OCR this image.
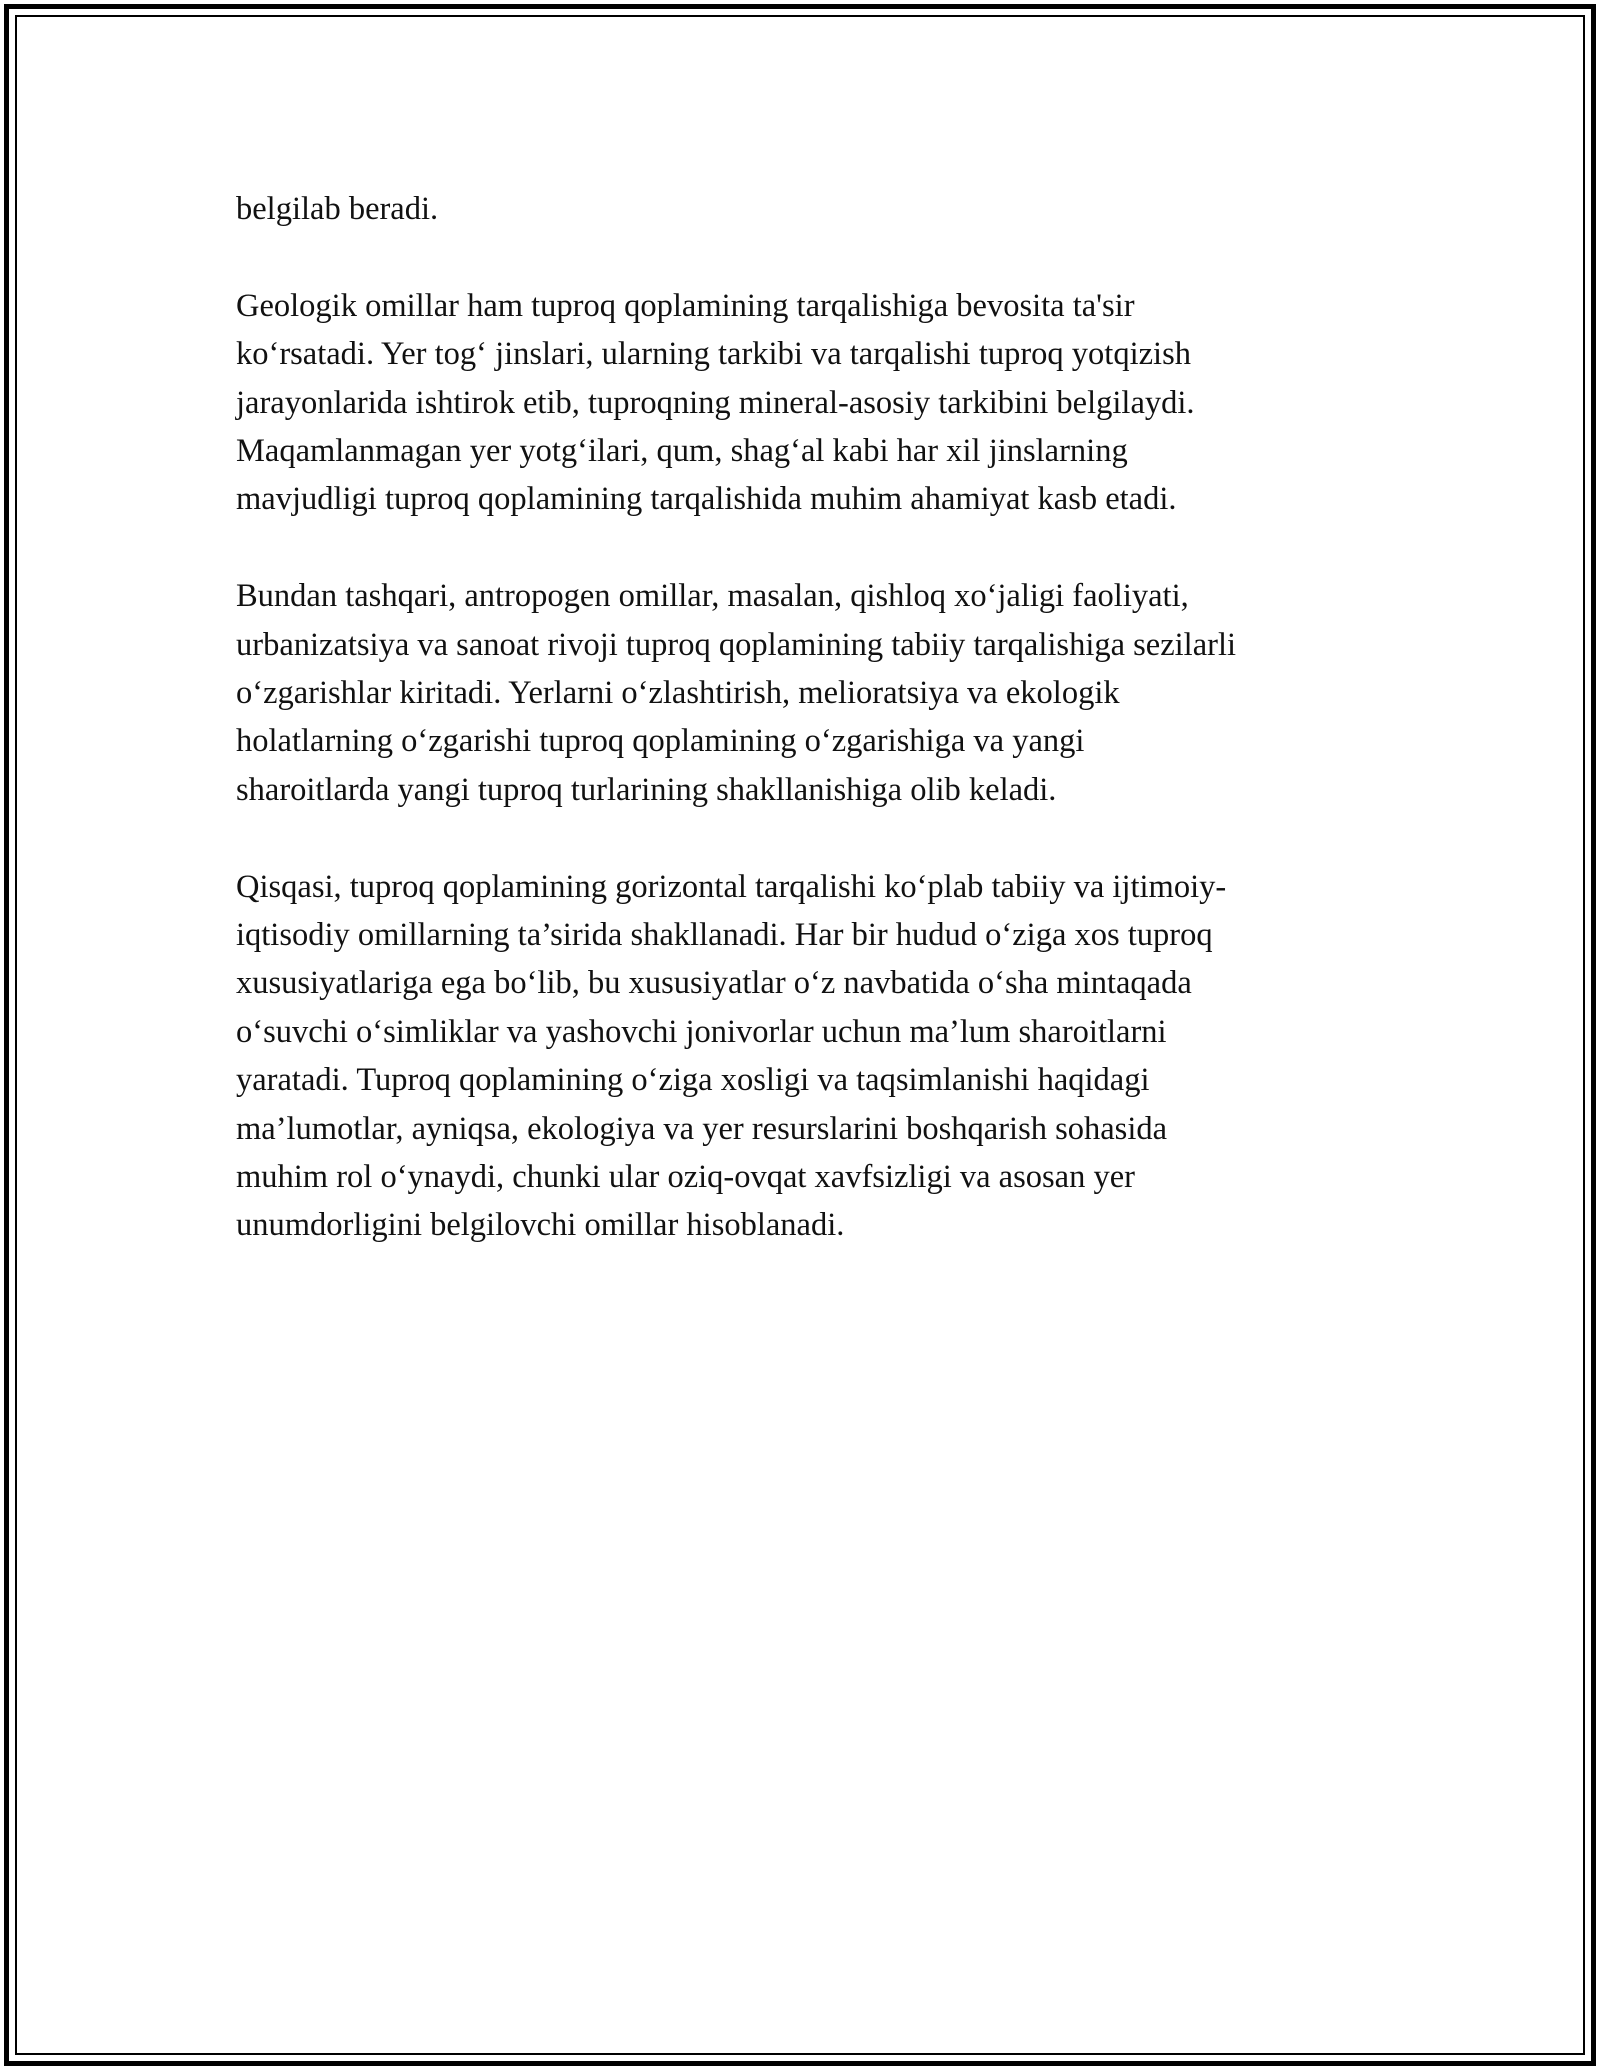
belgilab beradi.

Geologik omillar ham tuproq qoplamining tarqalishiga bevosita ta'sir
ko‘rsatadi. Yer tog‘ jinslari, ularning tarkibi va tarqalishi tuproq yotqizish
jarayonlarida ishtirok etib, tuproqning mineral-asosiy tarkibini belgilaydi.
Maqamlanmagan yer yotg‘ilari, qum, shag‘al kabi har xil jinslarning
mavjudligi tuproq qoplamining tarqalishida muhim ahamiyat kasb etadi.

Bundan tashqari, antropogen omillar, masalan, qishloq xo‘jaligi faoliyati,
urbanizatsiya va sanoat rivoji tuproq qoplamining tabiiy tarqalishiga sezilarli
o‘zgarishlar kiritadi. Yerlarni o‘zlashtirish, melioratsiya va ekologik
holatlarning o‘zgarishi tuproq qoplamining o‘zgarishiga va yangi
sharoitlarda yangi tuproq turlarining shakllanishiga olib keladi.

Qisqasi, tuproq qoplamining gorizontal tarqalishi ko‘plab tabiiy va ijtimoiy-
iqtisodiy omillarning ta’sirida shakllanadi. Har bir hudud o‘ziga xos tuproq
xususiyatlariga ega bo‘lib, bu xususiyatlar o‘z navbatida o‘sha mintaqada
o‘suvchi o‘simliklar va yashovchi jonivorlar uchun ma’lum sharoitlarni
yaratadi. Tuproq qoplamining o‘ziga xosligi va taqsimlanishi haqidagi
ma’lumotlar, ayniqsa, ekologiya va yer resurslarini boshqarish sohasida
muhim rol o‘ynaydi, chunki ular oziq-ovqat xavfsizligi va asosan yer
unumdorligini belgilovchi omillar hisoblanadi.
